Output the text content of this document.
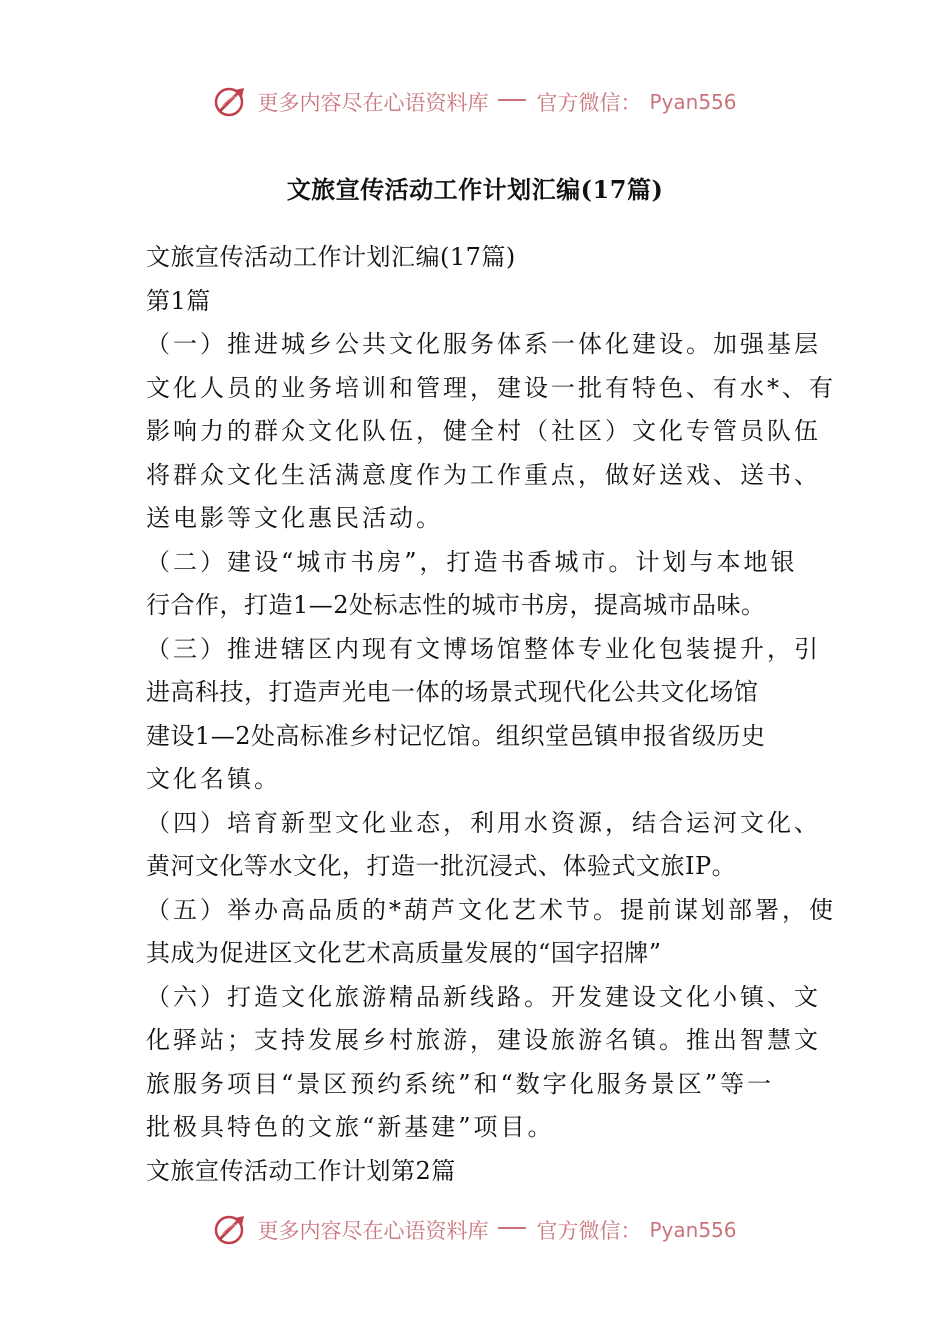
更多内容尽在心语资料库 官方微信： Pyan556
文旅宣传活动工作计划汇编(17篇)
文旅宣传活动工作计划汇编(17篇)
第1篇
（一）推进城乡公共文化服务体系一体化建设。加强基层
文化人员的业务培训和管理，建设一批有特色、有水*、有
影响力的群众文化队伍，健全村（社区）文化专管员队伍
将群众文化生活满意度作为工作重点，做好送戏、送书、
送电影等文化惠民活动。
（二）建设“城市书房”，打造书香城市。计划与本地银
行合作，打造1—2处标志性的城市书房，提高城市品味。
（三）推进辖区内现有文博场馆整体专业化包装提升，引
进高科技，打造声光电一体的场景式现代化公共文化场馆
建设1—2处高标准乡村记忆馆。组织堂邑镇申报省级历史
文化名镇。
（四）培育新型文化业态，利用水资源，结合运河文化、
黄河文化等水文化，打造一批沉浸式、体验式文旅IP。
（五）举办高品质的*葫芦文化艺术节。提前谋划部署，使
其成为促进区文化艺术高质量发展的“国字招牌”
（六）打造文化旅游精品新线路。开发建设文化小镇、文
化驿站；支持发展乡村旅游，建设旅游名镇。推出智慧文
旅服务项目“景区预约系统”和“数字化服务景区”等一
批极具特色的文旅“新基建”项目。
文旅宣传活动工作计划第2篇
更多内容尽在心语资料库 官方微信： Pyan556
